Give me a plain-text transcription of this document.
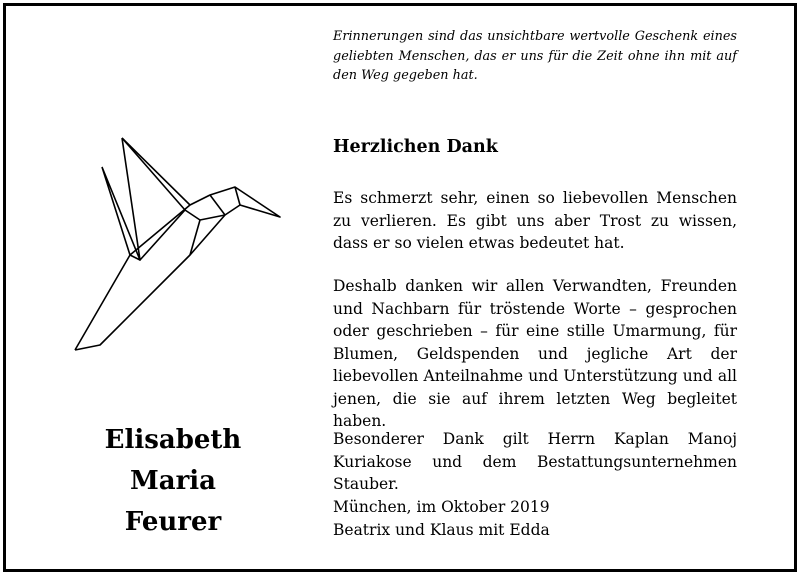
Elisabeth
Maria
Feurer
Erinnerungen sind das unsichtbare wertvolle Geschenk eines geliebten Menschen, das er uns für die Zeit ohne ihn mit auf den Weg gegeben hat.
Herzlichen Dank
Es schmerzt sehr, einen so liebevollen Menschen zu verlieren. Es gibt uns aber Trost zu wissen, dass er so vielen etwas bedeutet hat.
Deshalb danken wir allen Verwandten, Freunden und Nachbarn für tröstende Worte – gesprochen oder geschrieben – für eine stille Umarmung, für Blumen, Geldspenden und jegliche Art der liebevollen Anteilnahme und Unterstützung und all jenen, die sie auf ihrem letzten Weg begleitet haben.
Besonderer Dank gilt Herrn Kaplan Manoj Kuriakose und dem Bestattungsunternehmen Stauber.
München, im Oktober 2019
Beatrix und Klaus mit Edda
